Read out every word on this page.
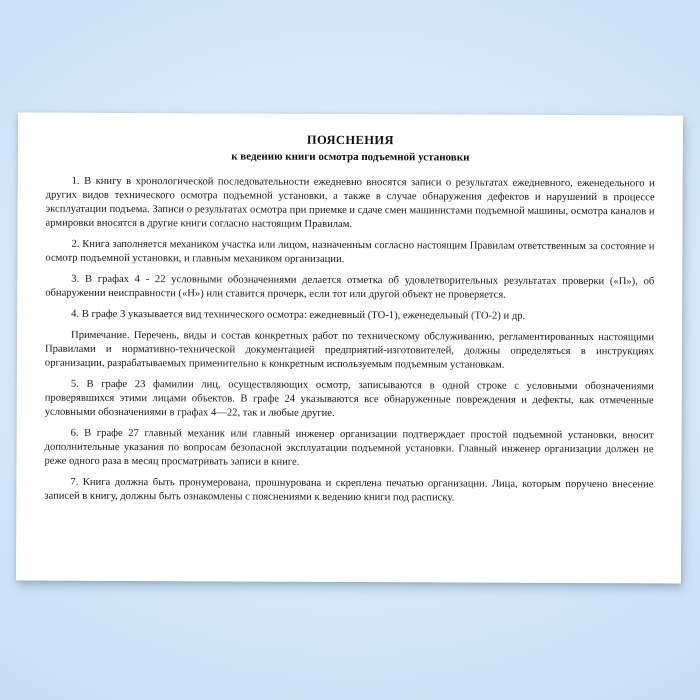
ПОЯСНЕНИЯ
к ведению книги осмотра подъемной установки

1. В книгу в хронологической последовательности ежедневно вносятся записи о результатах ежедневного, еженедельного и других видов технического осмотра подъемной установки, а также в случае обнаружения дефектов и нарушений в процессе эксплуатации подъема. Записи о результатах осмотра при приемке и сдаче смен машинистами подъемной машины, осмотра каналов и армировки вносятся в другие книги согласно настоящим Правилам.

2. Книга заполняется механиком участка или лицом, назначенным согласно настоящим Правилам ответственным за состояние и осмотр подъемной установки, и главным механиком организации.

3. В графах 4 - 22 условными обозначениями делается отметка об удовлетворительных результатах проверки («П»), об обнаружении неисправности («Н») или ставится прочерк, если тот или другой объект не проверяется.

4. В графе 3 указывается вид технического осмотра: ежедневный (ТО-1), еженедельный (ТО-2) и др.

Примечание. Перечень, виды и состав конкретных работ по техническому обслуживанию, регламентированных настоящими Правилами и нормативно-технической документацией предприятий-изготовителей, должны определяться в инструкциях организации, разрабатываемых применительно к конкретным используемым подъемным установкам.

5. В графе 23 фамилии лиц, осуществляющих осмотр, записываются в одной строке с условными обозначениями проверявшихся этими лицами объектов. В графе 24 указываются все обнаруженные повреждения и дефекты, как отмеченные условными обозначениями в графах 4—22, так и любые другие.

6. В графе 27 главный механик или главный инженер организации подтверждает простой подъемной установки, вносит дополнительные указания по вопросам безопасной эксплуатации подъемной установки. Главный инженер организации должен не реже одного раза в месяц просматривать записи в книге.

7. Книга должна быть пронумерована, прошнурована и скреплена печатью организации. Лица, которым поручено внесение записей в книгу, должны быть ознакомлены с пояснениями к ведению книги под расписку.
